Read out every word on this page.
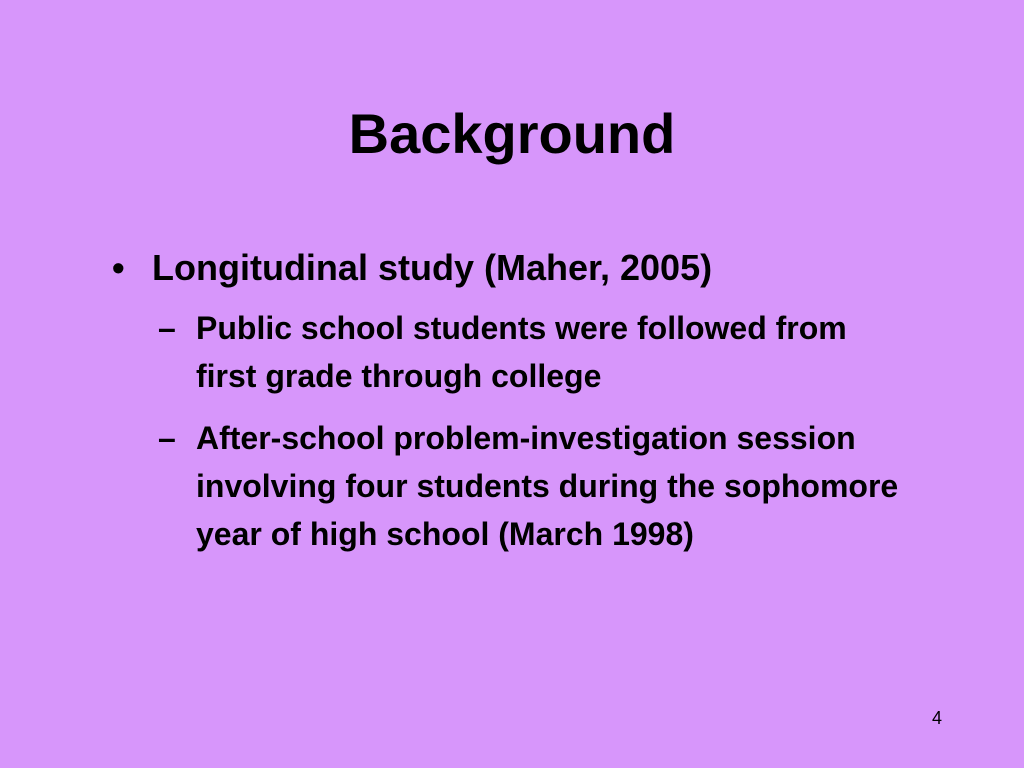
Background
• Longitudinal study (Maher, 2005)
– Public school students were followed from first grade through college
– After-school problem-investigation session involving four students during the sophomore year of high school (March 1998)
4
